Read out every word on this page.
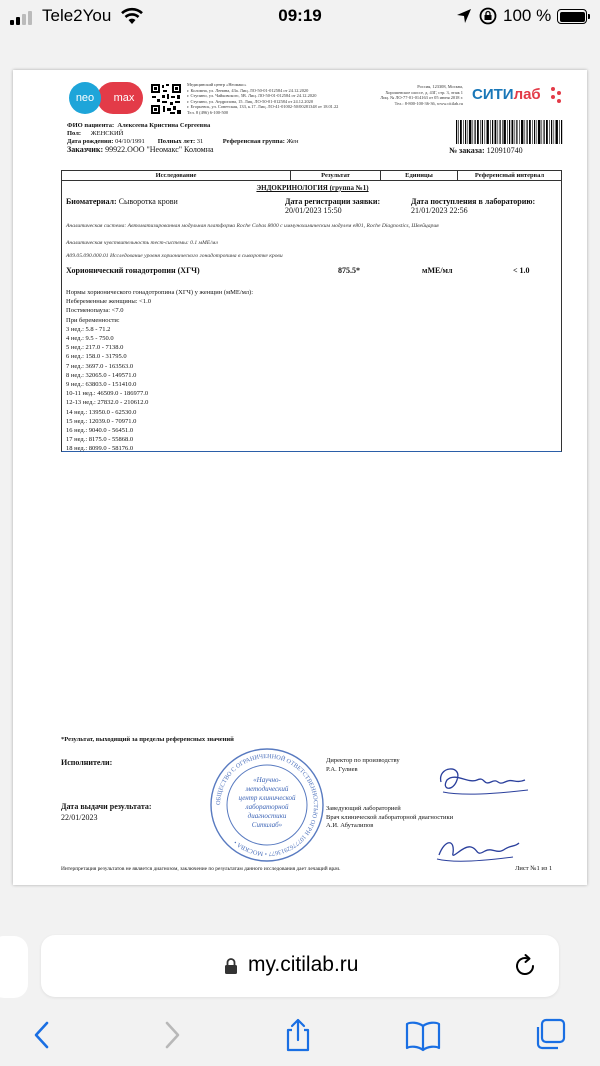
Tele2You	09:19	100 %
max
neo
Медицинский центр «Неомакс»
г. Коломна, ул. Ленина, 43а. Лиц. ЛО-50-01-012584 от 24.12.2020
г. Ступино, ул. Чайковского, 5В. Лиц. ЛО-50-01-012584 от 24.12.2020
г. Ступино, ул. Андропова, 15. Лиц. ЛО-50-01-012584 от 24.12.2020
г. Егорьевск, ул. Советская, 133, к.17. Лиц. ЛО-41-01002-50/00281348 от 18.01.22
Тел. 8 (496) 6-100-500
Россия, 123308, Москва,
Хорошевское шоссе, д. 43Г, стр. 3, этаж 1
Лиц. № ЛО-77-01-014163 от 05 июня 2018 г.
Тел.: 8-800-100-36-36, www.citilab.ru
СИТИлаб
ФИО пациента: Алексеева Кристина Сергеевна
Пол: ЖЕНСКИЙ
Дата рождения: 04/10/1991 Полных лет: 31	Референсная группа: Жен
Заказчик: 99922.ООО "Неомакс" Коломна	№ заказа: 120910740
Исследование	Результат	Единицы	Референсный интервал
ЭНДОКРИНОЛОГИЯ (группа №1)
Биоматериал: Сыворотка крови	Дата регистрации заявки:
20/01/2023 15:50
Дата поступления в лабораторию:
21/01/2023 22:56
Аналитическая система: Автоматизированная модульная платформа Roche Cobas 8000 с иммунохимическим модулем e801, Roche Diagnostics, Швейцария
Аналитическая чувствительность тест-системы: 0.1 мМЕ/мл
A09.05.090.000.01 Исследование уровня хорионического гонадотропина в сыворотке крови
Хорионический гонадотропин (ХГЧ)	875.5*	мМЕ/мл	< 1.0
Нормы хорионического гонадотропина (ХГЧ) у женщин (мМЕ/мл):
Небеременные женщины: <1.0
Постменопауза: <7.0
При беременности:
3 нед.: 5.8 - 71.2
4 нед.: 9.5 - 750.0
5 нед.: 217.0 - 7138.0
6 нед.: 158.0 - 31795.0
7 нед.: 3697.0 - 163563.0
8 нед.: 32065.0 - 149571.0
9 нед.: 63803.0 - 151410.0
10-11 нед.: 46509.0 - 186977.0
12-13 нед.: 27832.0 - 210612.0
14 нед.: 13950.0 - 62530.0
15 нед.: 12039.0 - 70971.0
16 нед.: 9040.0 - 56451.0
17 нед.: 8175.0 - 55868.0
18 нед.: 8099.0 - 58176.0
*Результат, выходящий за пределы референсных значений
Исполнители:	Директор по производству
Р.А. Гулиев
Дата выдачи результата:
22/01/2023
Заведующий лабораторией
Врач клинической лабораторной диагностики
А.И. Абуталипов
ОБЩЕСТВО С ОГРАНИЧЕННОЙ ОТВЕТСТВЕННОСТЬЮ ОГРН 1077762913677 • МОСКВА •
«Научно-
методический
центр клинической
лабораторной
диагностики
Ситилаб»
Интерпретация результатов не является диагнозом, заключение по результатам данного исследования дает лечащий врач.	Лист №1 из 1
my.citilab.ru
